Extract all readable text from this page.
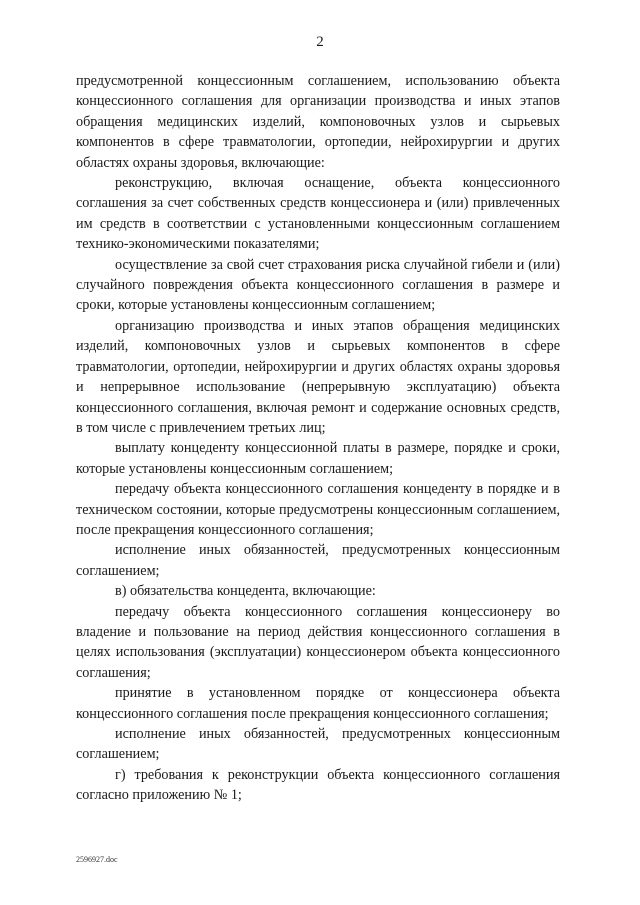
2

предусмотренной концессионным соглашением, использованию объекта концессионного соглашения для организации производства и иных этапов обращения медицинских изделий, компоновочных узлов и сырьевых компонентов в сфере травматологии, ортопедии, нейрохирургии и других областях охраны здоровья, включающие:

реконструкцию, включая оснащение, объекта концессионного соглашения за счет собственных средств концессионера и (или) привлеченных им средств в соответствии с установленными концессионным соглашением технико-экономическими показателями;

осуществление за свой счет страхования риска случайной гибели и (или) случайного повреждения объекта концессионного соглашения в размере и сроки, которые установлены концессионным соглашением;

организацию производства и иных этапов обращения медицинских изделий, компоновочных узлов и сырьевых компонентов в сфере травматологии, ортопедии, нейрохирургии и других областях охраны здоровья и непрерывное использование (непрерывную эксплуатацию) объекта концессионного соглашения, включая ремонт и содержание основных средств, в том числе с привлечением третьих лиц;

выплату концеденту концессионной платы в размере, порядке и сроки, которые установлены концессионным соглашением;

передачу объекта концессионного соглашения концеденту в порядке и в техническом состоянии, которые предусмотрены концессионным соглашением, после прекращения концессионного соглашения;

исполнение иных обязанностей, предусмотренных концессионным соглашением;

в) обязательства концедента, включающие:

передачу объекта концессионного соглашения концессионеру во владение и пользование на период действия концессионного соглашения в целях использования (эксплуатации) концессионером объекта концессионного соглашения;

принятие в установленном порядке от концессионера объекта концессионного соглашения после прекращения концессионного соглашения;

исполнение иных обязанностей, предусмотренных концессионным соглашением;

г) требования к реконструкции объекта концессионного соглашения согласно приложению № 1;

2596927.doc
